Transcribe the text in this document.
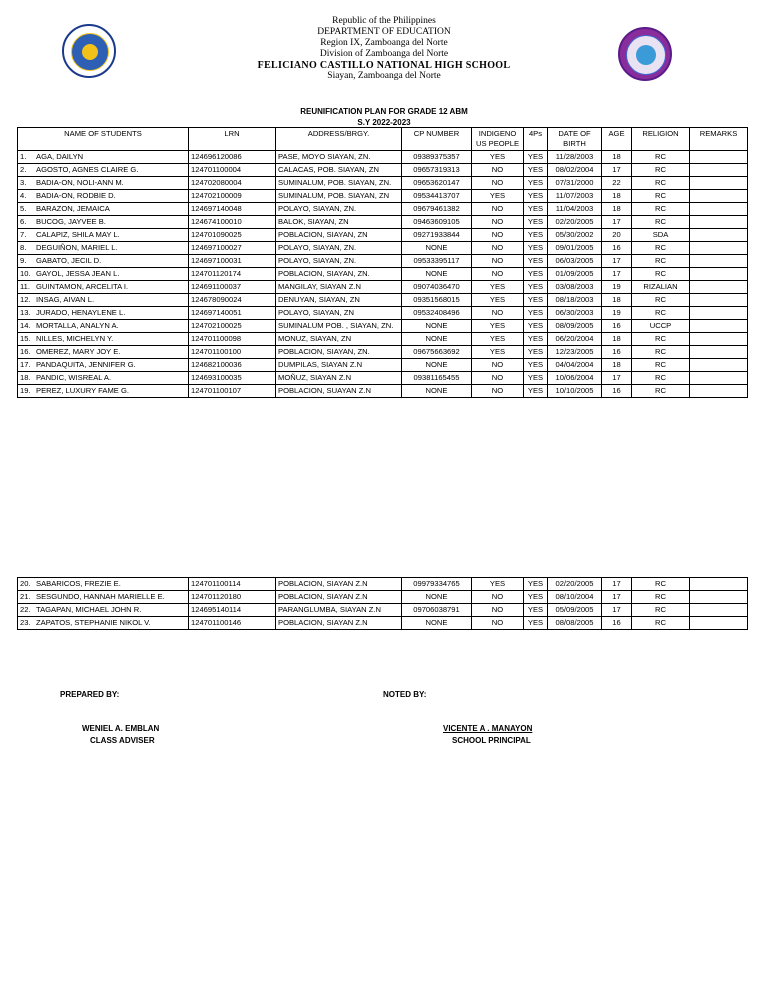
Republic of the Philippines
DEPARTMENT OF EDUCATION
Region IX, Zamboanga del Norte
Division of Zamboanga del Norte
FELICIANO CASTILLO NATIONAL HIGH SCHOOL
Siayan, Zamboanga del Norte
REUNIFICATION PLAN FOR GRADE 12 ABM
S.Y 2022-2023
NAME OF STUDENTS	LRN	ADDRESS/BRGY.	CP NUMBER	INDIGENO US PEOPLE	4Ps	DATE OF BIRTH	AGE	RELIGION	REMARKS
1. AGA, DAILYN	124696120086	PASE, MOYO SIAYAN, ZN.	09389375357	YES	YES	11/28/2003	18	RC	
2. AGOSTO, AGNES CLAIRE G.	124701100004	CALACAS, POB. SIAYAN, ZN	09657319313	NO	YES	08/02/2004	17	RC	
3. BADIA-ON, NOLI-ANN M.	124702080004	SUMINALUM, POB. SIAYAN, ZN.	09653620147	NO	YES	07/31/2000	22	RC	
4. BADIA-ON, RODBIE D.	124702100009	SUMINALUM, POB. SIAYAN, ZN	09534413707	YES	YES	11/07/2003	18	RC	
5. BARAZON, JEMAICA	124697140048	POLAYO, SIAYAN, ZN.	09679461382	NO	YES	11/04/2003	18	RC	
6. BUCOG, JAYVEE B.	124674100010	BALOK, SIAYAN, ZN	09463609105	NO	YES	02/20/2005	17	RC	
7. CALAPIZ, SHILA MAY L.	124701090025	POBLACION, SIAYAN, ZN	09271933844	NO	YES	05/30/2002	20	SDA	
8. DEGUIÑON, MARIEL L.	124697100027	POLAYO, SIAYAN, ZN.	NONE	NO	YES	09/01/2005	16	RC	
9. GABATO, JECIL D.	124697100031	POLAYO, SIAYAN, ZN.	09533395117	NO	YES	06/03/2005	17	RC	
10. GAYOL, JESSA JEAN L.	124701120174	POBLACION, SIAYAN, ZN.	NONE	NO	YES	01/09/2005	17	RC	
11. GUINTAMON, ARCELITA I.	124691100037	MANGILAY, SIAYAN Z.N	09074036470	YES	YES	03/08/2003	19	RIZALIAN	
12. INSAG, AIVAN L.	124678090024	DENUYAN, SIAYAN, ZN	09351568015	YES	YES	08/18/2003	18	RC	
13. JURADO, HENAYLENE L.	124697140051	POLAYO, SIAYAN, ZN	09532408496	NO	YES	06/30/2003	19	RC	
14. MORTALLA, ANALYN A.	124702100025	SUMINALUM POB. , SIAYAN, ZN.	NONE	YES	YES	08/09/2005	16	UCCP	
15. NILLES, MICHELYN Y.	124701100098	MONUZ, SIAYAN, ZN	NONE	YES	YES	06/20/2004	18	RC	
16. OMEREZ, MARY JOY E.	124701100100	POBLACION, SIAYAN, ZN.	09675663692	YES	YES	12/23/2005	16	RC	
17. PANDAQUITA, JENNIFER G.	124682100036	DUMPILAS, SIAYAN Z.N	NONE	NO	YES	04/04/2004	18	RC	
18. PANDIC, WISREAL A.	124693100035	MOÑUZ, SIAYAN Z.N	09381165455	NO	YES	10/06/2004	17	RC	
19. PEREZ, LUXURY FAME G.	124701100107	POBLACION, SUAYAN Z.N	NONE	NO	YES	10/10/2005	16	RC	
20. SABARICOS, FREZIE E.	124701100114	POBLACION, SIAYAN Z.N	09979334765	YES	YES	02/20/2005	17	RC	
21. SESGUNDO, HANNAH MARIELLE E.	124701120180	POBLACION, SIAYAN Z.N	NONE	NO	YES	08/10/2004	17	RC	
22. TAGAPAN, MICHAEL JOHN R.	124695140114	PARANGLUMBA, SIAYAN Z.N	09706038791	NO	YES	05/09/2005	17	RC	
23. ZAPATOS, STEPHANIE NIKOL V.	124701100146	POBLACION, SIAYAN Z.N	NONE	NO	YES	08/08/2005	16	RC	
PREPARED BY:	NOTED BY:
WENIEL A. EMBLAN
CLASS ADVISER
VICENTE A . MANAYON
SCHOOL PRINCIPAL
